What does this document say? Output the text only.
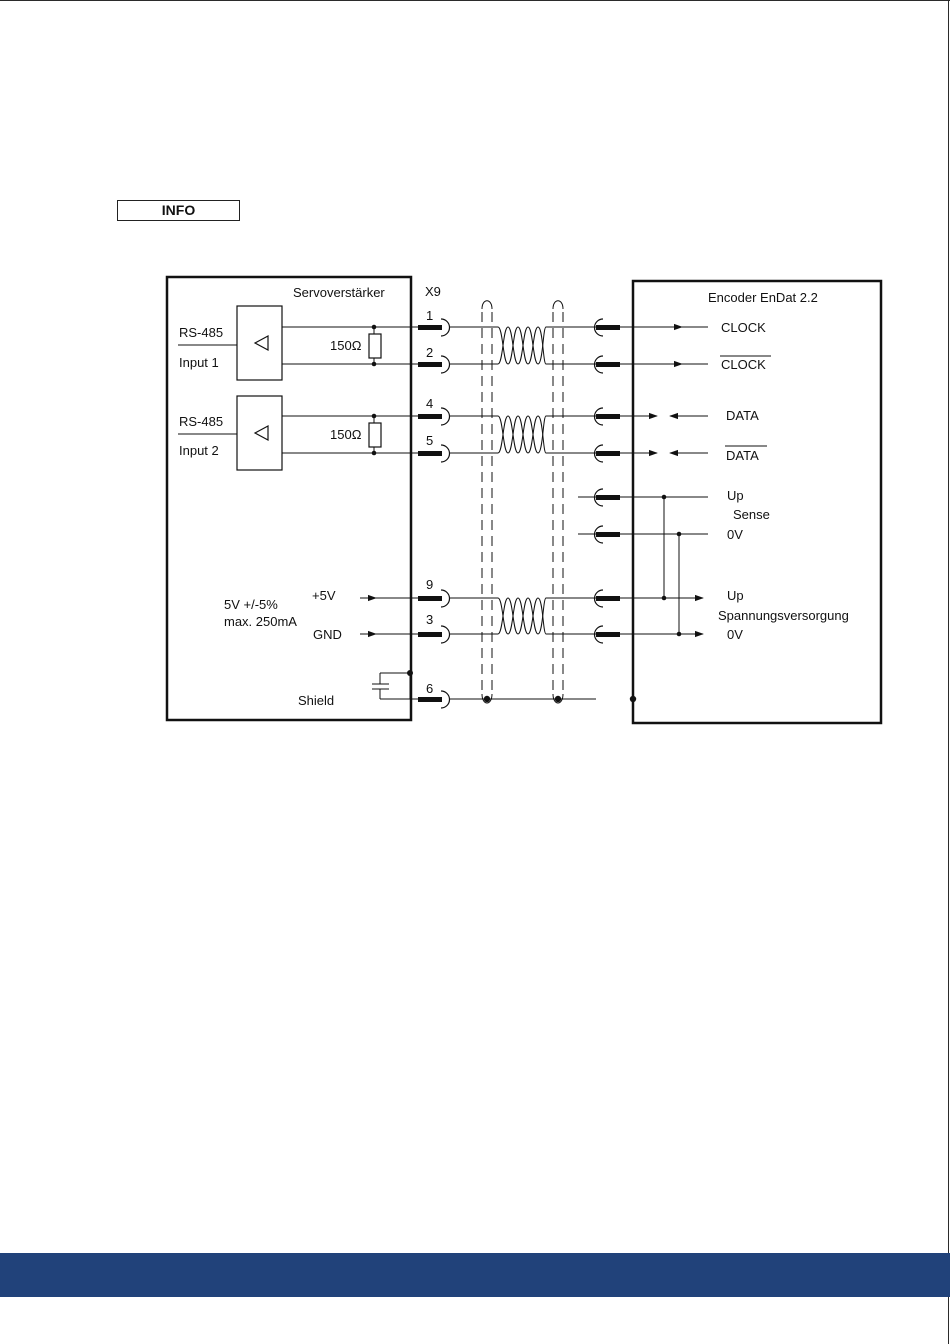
INFO
Servoverstärker	X9	Encoder EnDat 2.2
RS-485
Input 1
RS-485
Input 2
150Ω
150Ω
5V +/-5%
max. 250mA
+5V
GND
Shield
1
2
4
5
9
3
6
CLOCK
CLOCK
DATA
DATA
Up
Sense
0V
Up
Spannungsversorgung
0V
